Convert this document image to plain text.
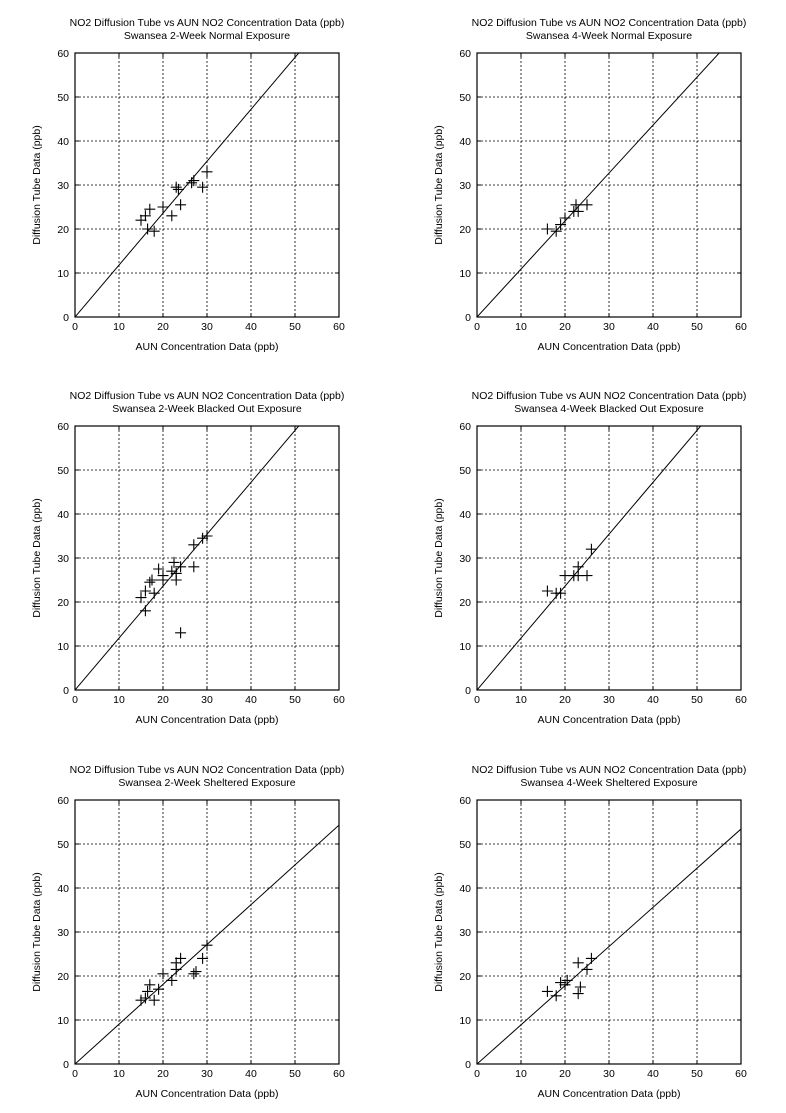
NO2 Diffusion Tube vs AUN NO2 Concentration Data (ppb)
Swansea 2-Week Normal Exposure
0	10	20	30	40	50	60
0
10
20
30
40
50
60
AUN Concentration Data (ppb)
Diffusion Tube Data (ppb)
NO2 Diffusion Tube vs AUN NO2 Concentration Data (ppb)
Swansea 4-Week Normal Exposure
0	10	20	30	40	50	60
0
10
20
30
40
50
60
AUN Concentration Data (ppb)
Diffusion Tube Data (ppb)
NO2 Diffusion Tube vs AUN NO2 Concentration Data (ppb)
Swansea 2-Week Blacked Out Exposure
0	10	20	30	40	50	60
0
10
20
30
40
50
60
AUN Concentration Data (ppb)
Diffusion Tube Data (ppb)
NO2 Diffusion Tube vs AUN NO2 Concentration Data (ppb)
Swansea 4-Week Blacked Out Exposure
0	10	20	30	40	50	60
0
10
20
30
40
50
60
AUN Concentration Data (ppb)
Diffusion Tube Data (ppb)
NO2 Diffusion Tube vs AUN NO2 Concentration Data (ppb)
Swansea 2-Week Sheltered Exposure
0	10	20	30	40	50	60
0
10
20
30
40
50
60
AUN Concentration Data (ppb)
Diffusion Tube Data (ppb)
NO2 Diffusion Tube vs AUN NO2 Concentration Data (ppb)
Swansea 4-Week Sheltered Exposure
0	10	20	30	40	50	60
0
10
20
30
40
50
60
AUN Concentration Data (ppb)
Diffusion Tube Data (ppb)
